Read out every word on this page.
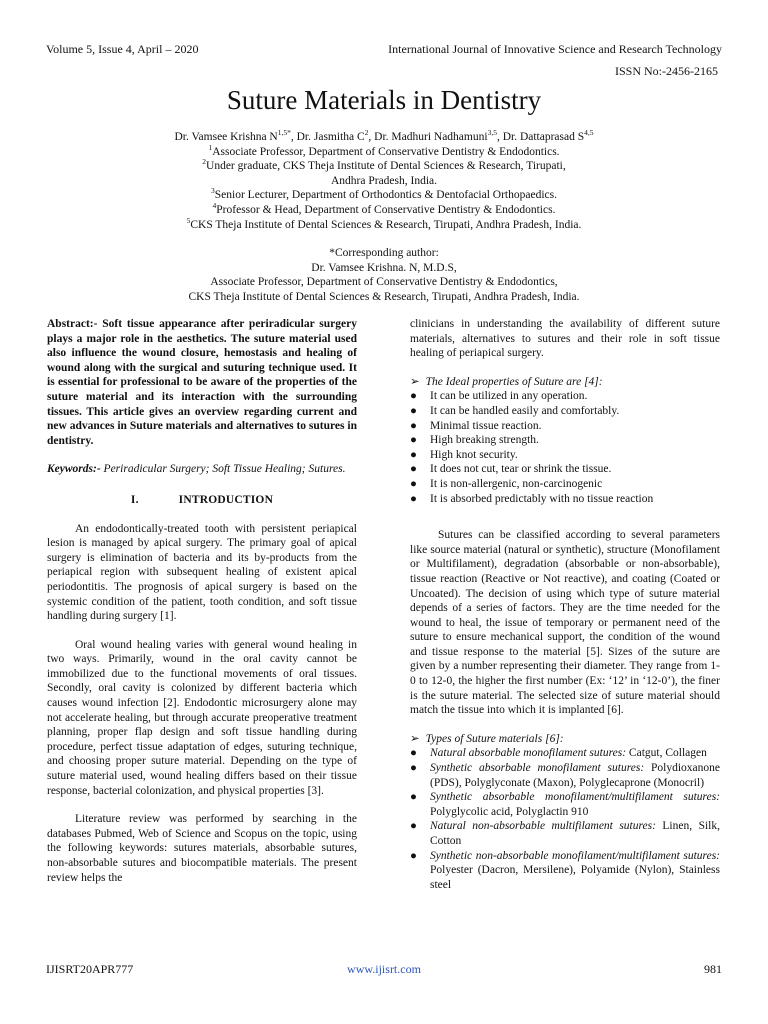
Volume 5, Issue 4, April – 2020	International Journal of Innovative Science and Research Technology
ISSN No:-2456-2165
Suture Materials in Dentistry
Dr. Vamsee Krishna $N^{1,5*}$, Dr. Jasmitha $C^2$, Dr. Madhuri Nadhamuni$^{3,5}$, Dr. Dattaprasad S$^{4,5}$
$^1$Associate Professor, Department of Conservative Dentistry & Endodontics.
$^2$Under graduate, CKS Theja Institute of Dental Sciences & Research, Tirupati,
Andhra Pradesh, India.
$^3$Senior Lecturer, Department of Orthodontics & Dentofacial Orthopaedics.
$^4$Professor & Head, Department of Conservative Dentistry & Endodontics.
$^5$CKS Theja Institute of Dental Sciences & Research, Tirupati, Andhra Pradesh, India.
*Corresponding author:
Dr. Vamsee Krishna. N, M.D.S,
Associate Professor, Department of Conservative Dentistry & Endodontics,
CKS Theja Institute of Dental Sciences & Research, Tirupati, Andhra Pradesh, India.

Abstract:- Soft tissue appearance after periradicular surgery plays a major role in the aesthetics. The suture material used also influence the wound closure, hemostasis and healing of wound along with the surgical and suturing technique used. It is essential for professional to be aware of the properties of the suture material and its interaction with the surrounding tissues. This article gives an overview regarding current and new advances in Suture materials and alternatives to sutures in dentistry.

Keywords:- Periradicular Surgery; Soft Tissue Healing; Sutures.

I.	INTRODUCTION

An endodontically-treated tooth with persistent periapical lesion is managed by apical surgery. The primary goal of apical surgery is elimination of bacteria and its by-products from the periapical region with subsequent healing of existent apical periodontitis. The prognosis of apical surgery is based on the systemic condition of the patient, tooth condition, and soft tissue handling during surgery [1].

Oral wound healing varies with general wound healing in two ways. Primarily, wound in the oral cavity cannot be immobilized due to the functional movements of oral tissues. Secondly, oral cavity is colonized by different bacteria which causes wound infection [2]. Endodontic microsurgery alone may not accelerate healing, but through accurate preoperative treatment planning, proper flap design and soft tissue handling during procedure, perfect tissue adaptation of edges, suturing technique, and choosing proper suture material. Depending on the type of suture material used, wound healing differs based on their tissue response, bacterial colonization, and physical properties [3].

Literature review was performed by searching in the databases Pubmed, Web of Science and Scopus on the topic, using the following keywords: sutures materials, absorbable sutures, non-absorbable sutures and biocompatible materials. The present review helps the

clinicians in understanding the availability of different suture materials, alternatives to sutures and their role in soft tissue healing of periapical surgery.

➢ The Ideal properties of Suture are [4]:
●	It can be utilized in any operation.
●	It can be handled easily and comfortably.
●	Minimal tissue reaction.
●	High breaking strength.
●	High knot security.
●	It does not cut, tear or shrink the tissue.
●	It is non-allergenic, non-carcinogenic
●	It is absorbed predictably with no tissue reaction

Sutures can be classified according to several parameters like source material (natural or synthetic), structure (Monofilament or Multifilament), degradation (absorbable or non-absorbable), tissue reaction (Reactive or Not reactive), and coating (Coated or Uncoated). The decision of using which type of suture material depends of a series of factors. They are the time needed for the wound to heal, the issue of temporary or permanent need of the suture to ensure mechanical support, the condition of the wound and tissue response to the material [5]. Sizes of the suture are given by a number representing their diameter. They range from 1-0 to 12-0, the higher the first number (Ex: ‘12’ in ‘12-0’), the finer is the suture material. The selected size of suture material should match the tissue into which it is implanted [6].

➢ Types of Suture materials [6]:
●	Natural absorbable monofilament sutures: Catgut, Collagen
●	Synthetic absorbable monofilament sutures: Polydioxanone (PDS), Polyglyconate (Maxon), Polyglecaprone (Monocril)
●	Synthetic absorbable monofilament/multifilament sutures: Polyglycolic acid, Polyglactin 910
●	Natural non-absorbable multifilament sutures: Linen, Silk, Cotton
●	Synthetic non-absorbable monofilament/multifilament sutures: Polyester (Dacron, Mersilene), Polyamide (Nylon), Stainless steel
IJISRT20APR777	www.ijisrt.com	981
